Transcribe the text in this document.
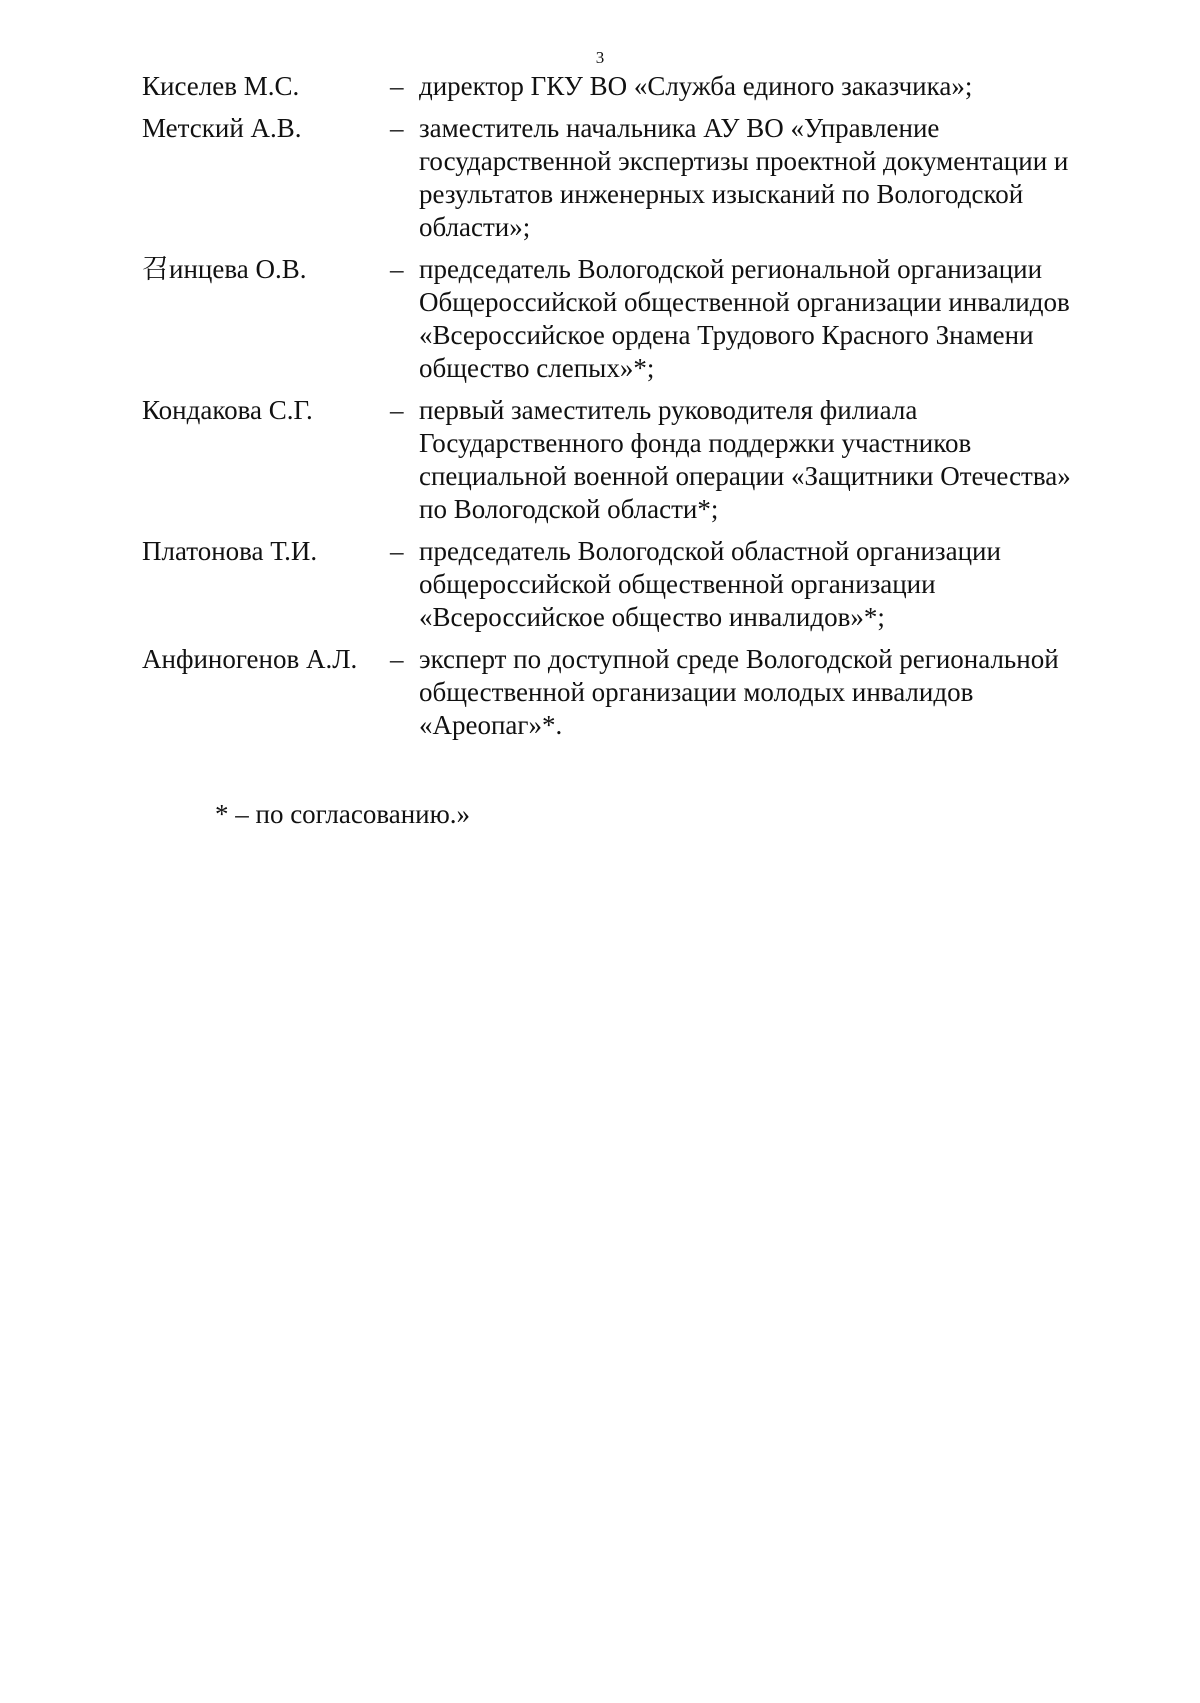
3
Киселев М.С.	– директор ГКУ ВО «Служба единого заказчика»;
Метский А.В.	– заместитель начальника АУ ВО «Управление
государственной экспертизы проектной документации и
результатов инженерных изысканий по Вологодской
области»;
召инцева О.В.	– председатель Вологодской региональной организации
Общероссийской общественной организации инвалидов
«Всероссийское ордена Трудового Красного Знамени
общество слепых»*;
Кондакова С.Г.	– первый заместитель руководителя филиала
Государственного фонда поддержки участников
специальной военной операции «Защитники Отечества»
по Вологодской области*;
Платонова Т.И.	– председатель Вологодской областной организации
общероссийской общественной организации
«Всероссийское общество инвалидов»*;
Анфиногенов А.Л.	– эксперт по доступной среде Вологодской региональной
общественной организации молодых инвалидов
«Ареопаг»*.
* – по согласованию.»
